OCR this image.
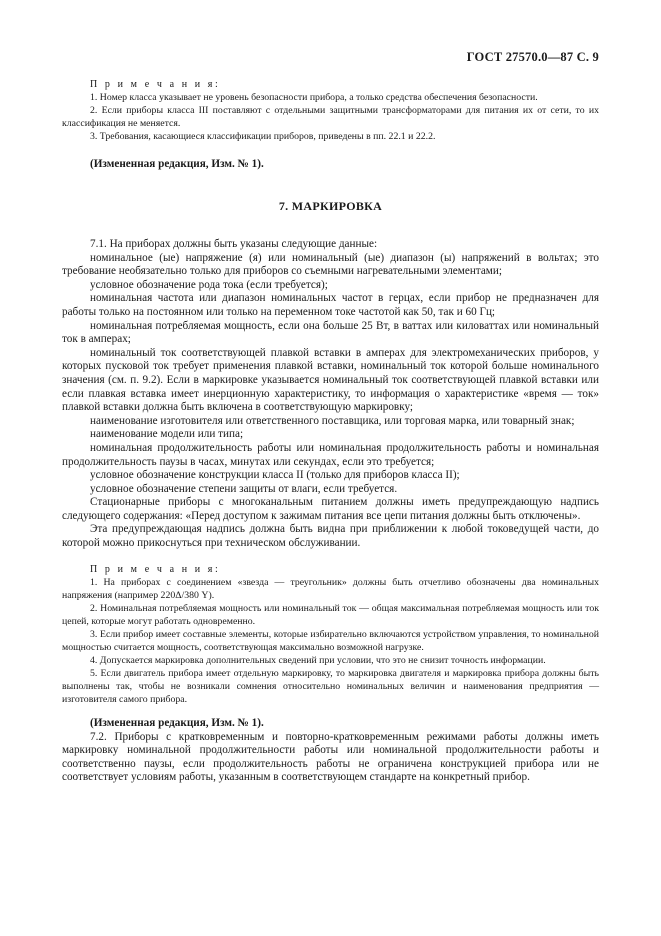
ГОСТ 27570.0—87 С. 9

П р и м е ч а н и я:

1. Номер класса указывает не уровень безопасности прибора, а только средства обеспечения безопасности.

2. Если приборы класса III поставляют с отдельными защитными трансформаторами для питания их от сети, то их классификация не меняется.

3. Требования, касающиеся классификации приборов, приведены в пп. 22.1 и 22.2.

(Измененная редакция, Изм. № 1).

7. МАРКИРОВКА

7.1. На приборах должны быть указаны следующие данные:

номинальное (ые) напряжение (я) или номинальный (ые) диапазон (ы) напряжений в вольтах; это требование необязательно только для приборов со съемными нагревательными элементами;

условное обозначение рода тока (если требуется);

номинальная частота или диапазон номинальных частот в герцах, если прибор не предназначен для работы только на постоянном или только на переменном токе частотой как 50, так и 60 Гц;

номинальная потребляемая мощность, если она больше 25 Вт, в ваттах или киловаттах или номинальный ток в амперах;

номинальный ток соответствующей плавкой вставки в амперах для электромеханических приборов, у которых пусковой ток требует применения плавкой вставки, номинальный ток которой больше номинального значения (см. п. 9.2). Если в маркировке указывается номинальный ток соответствующей плавкой вставки или если плавкая вставка имеет инерционную характеристику, то информация о характеристике «время — ток» плавкой вставки должна быть включена в соответствующую маркировку;

наименование изготовителя или ответственного поставщика, или торговая марка, или товарный знак;

наименование модели или типа;

номинальная продолжительность работы или номинальная продолжительность работы и номинальная продолжительность паузы в часах, минутах или секундах, если это требуется;

условное обозначение конструкции класса II (только для приборов класса II);

условное обозначение степени защиты от влаги, если требуется.

Стационарные приборы с многоканальным питанием должны иметь предупреждающую надпись следующего содержания: «Перед доступом к зажимам питания все цепи питания должны быть отключены».

Эта предупреждающая надпись должна быть видна при приближении к любой токоведущей части, до которой можно прикоснуться при техническом обслуживании.

П р и м е ч а н и я:

1. На приборах с соединением «звезда — треугольник» должны быть отчетливо обозначены два номинальных напряжения (например 220Δ/380 Y).

2. Номинальная потребляемая мощность или номинальный ток — общая максимальная потребляемая мощность или ток цепей, которые могут работать одновременно.

3. Если прибор имеет составные элементы, которые избирательно включаются устройством управления, то номинальной мощностью считается мощность, соответствующая максимально возможной нагрузке.

4. Допускается маркировка дополнительных сведений при условии, что это не снизит точность информации.

5. Если двигатель прибора имеет отдельную маркировку, то маркировка двигателя и маркировка прибора должны быть выполнены так, чтобы не возникали сомнения относительно номинальных величин и наименования предприятия — изготовителя самого прибора.

(Измененная редакция, Изм. № 1).

7.2. Приборы с кратковременным и повторно-кратковременным режимами работы должны иметь маркировку номинальной продолжительности работы или номинальной продолжительности работы и соответственно паузы, если продолжительность работы не ограничена конструкцией прибора или не соответствует условиям работы, указанным в соответствующем стандарте на конкретный прибор.
